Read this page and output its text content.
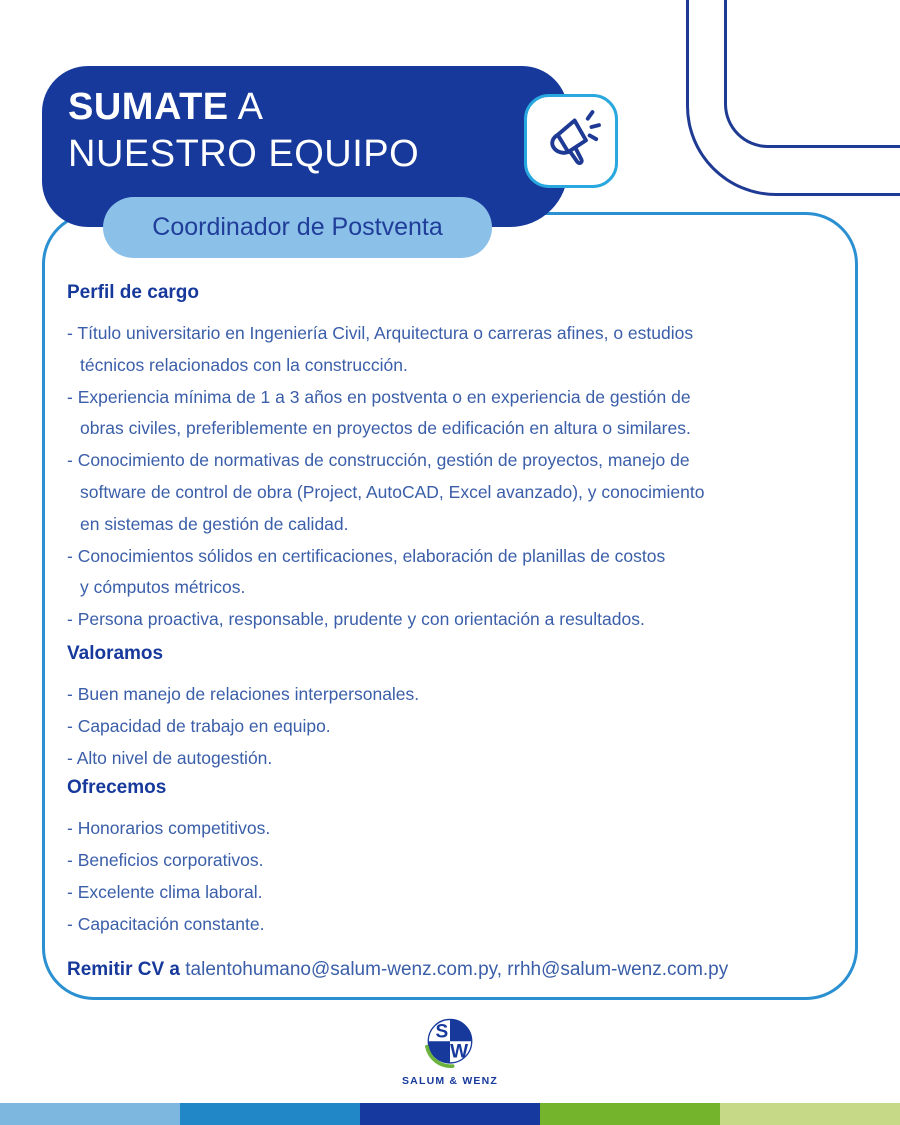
Perfil de cargo
- Título universitario en Ingeniería Civil, Arquitectura o carreras afines, o estudios
técnicos relacionados con la construcción.
- Experiencia mínima de 1 a 3 años en postventa o en experiencia de gestión de
obras civiles, preferiblemente en proyectos de edificación en altura o similares.
- Conocimiento de normativas de construcción, gestión de proyectos, manejo de
software de control de obra (Project, AutoCAD, Excel avanzado), y conocimiento
en sistemas de gestión de calidad.
- Conocimientos sólidos en certificaciones, elaboración de planillas de costos
y cómputos métricos.
- Persona proactiva, responsable, prudente y con orientación a resultados.
Valoramos
- Buen manejo de relaciones interpersonales.
- Capacidad de trabajo en equipo.
- Alto nivel de autogestión.
Ofrecemos
- Honorarios competitivos.
- Beneficios corporativos.
- Excelente clima laboral.
- Capacitación constante.
Remitir CV a talentohumano@salum-wenz.com.py, rrhh@salum-wenz.com.py
SUMATE A
NUESTRO EQUIPO
Coordinador de Postventa
S
W
SALUM & WENZ
